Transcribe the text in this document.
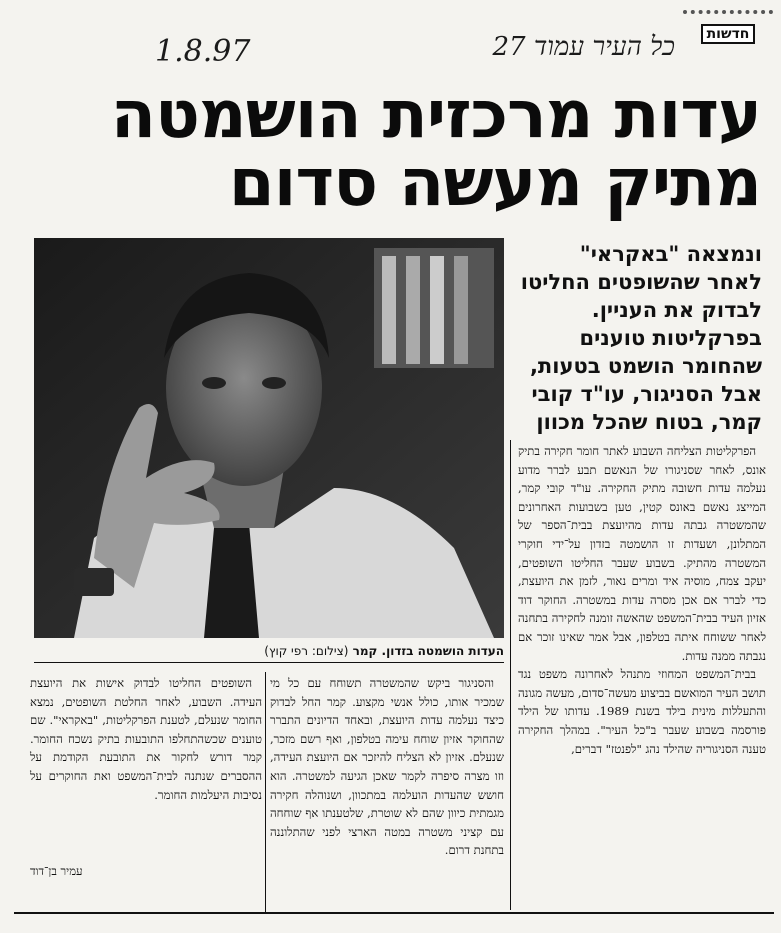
1.8.97	כל העיר עמוד 27	חדשות
עדות מרכזית הושמטה
מתיק מעשה סדום
העדות הושמטה בזדון. קמר (צילום: רפי קוץ)
ונמצאה "באקראי" לאחר שהשופטים החליטו לבדוק את העניין. בפרקליטות טוענים שהחומר הושמט בטעות, אבל הסניגור, עו"ד קובי קמר, בטוח שהכל מכוון

הפרקליטות הצליחה השבוע לאתר חומר חקירה בתיק אונס, לאחר שסניגורו של הנאשם תבע לברר מדוע נעלמה עדות חשובה מתיק החקירה. עו"ד קובי קמר, המייצג נאשם באונס קטין, טען בשבועות האחרונים שהמשטרה גבתה עדות מהיועצת בבית־הספר של המתלונן, ושעדות זו הושמטה בזדון על־ידי חוקרי המשטרה מהתיק. בשבוע שעבר החליטו השופטים, יעקב צמח, מוסיה איד ומרים נאור, לזמן את היועצת, כדי לברר אם אכן מסרה עדות במשטרה. החוקר דוד אזיון העיד בבית־המשפט שהאשה זומנה לחקירה בתחנה לאחר ששוחח איתה בטלפון, אבל אמר שאינו זוכר אם נגבתה ממנה עדות.

בבית־המשפט המחוזי מתנהל לאחרונה משפט נגד תושב העיר המואשם בביצוע מעשה־סדום, מעשה מגונה והתעללות מינית בילד בשנת 1989. עדותו של הילד פורסמה בשבוע שעבר ב"כל העיר". במהלך החקירה טענה הסניגוריה שהילד נהג "לפנטז" דברים,

והסניגור ביקש שהמשטרה תשוחח עם כל מי שמכיר אותו, כולל אנשי מקצוע. קמר החל לבדוק כיצד נעלמה עדות היועצת, ובאחד הדיונים התברר שהחוקר אזיון שוחח עימה בטלפון, ואף רשם מזכר, שנעלם. אזיון לא הצליח להיזכר אם היועצת העידה, וזו מצרה סיפרה לקמר שאכן הגיעה למשטרה. הוא חושש שהעדות הועלמה במתכוון, ושנוהלה חקירה מגמתית כיוון שהם לא שוטרת, שלטענתו אף שוחחה עם קציני משטרה במטה הארצי לפני שהתלוננה בתחנת דרום.

השופטים החליטו לבדוק אישות את היועצת העידה. השבוע, לאחר החלטת השופטים, נמצא החומר שנעלם, לטענת הפרקליטות, "באקראי". שם טוענים שכשהתחלפו התובעות בתיק נשכח החומר. קמר דורש לחקור את התובעת הקודמת על ההסברים שנתנה לבית־המשפט ואת החוקרים על נסיבות היעלמות החומר.

עמיר בן־דוד
